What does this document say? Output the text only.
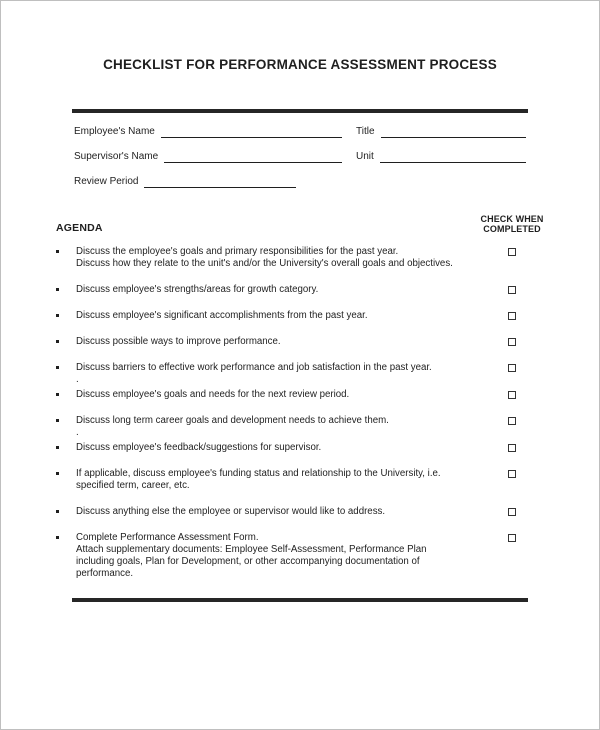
CHECKLIST FOR PERFORMANCE ASSESSMENT PROCESS
Employee's Name	Title
Supervisor's Name	Unit
Review Period
AGENDA
CHECK WHEN
COMPLETED
Discuss the employee's goals and primary responsibilities for the past year.
Discuss how they relate to the unit's and/or the University's overall goals and objectives.
Discuss employee's strengths/areas for growth category.
Discuss employee's significant accomplishments from the past year.
Discuss possible ways to improve performance.
Discuss barriers to effective work performance and job satisfaction in the past year.
.
Discuss employee's goals and needs for the next review period.
Discuss long term career goals and development needs to achieve them.
.
Discuss employee's feedback/suggestions for supervisor.
If applicable, discuss employee's funding status and relationship to the University, i.e.
specified term, career, etc.
Discuss anything else the employee or supervisor would like to address.
Complete Performance Assessment Form.
Attach supplementary documents: Employee Self-Assessment, Performance Plan
including goals, Plan for Development, or other accompanying documentation of
performance.
